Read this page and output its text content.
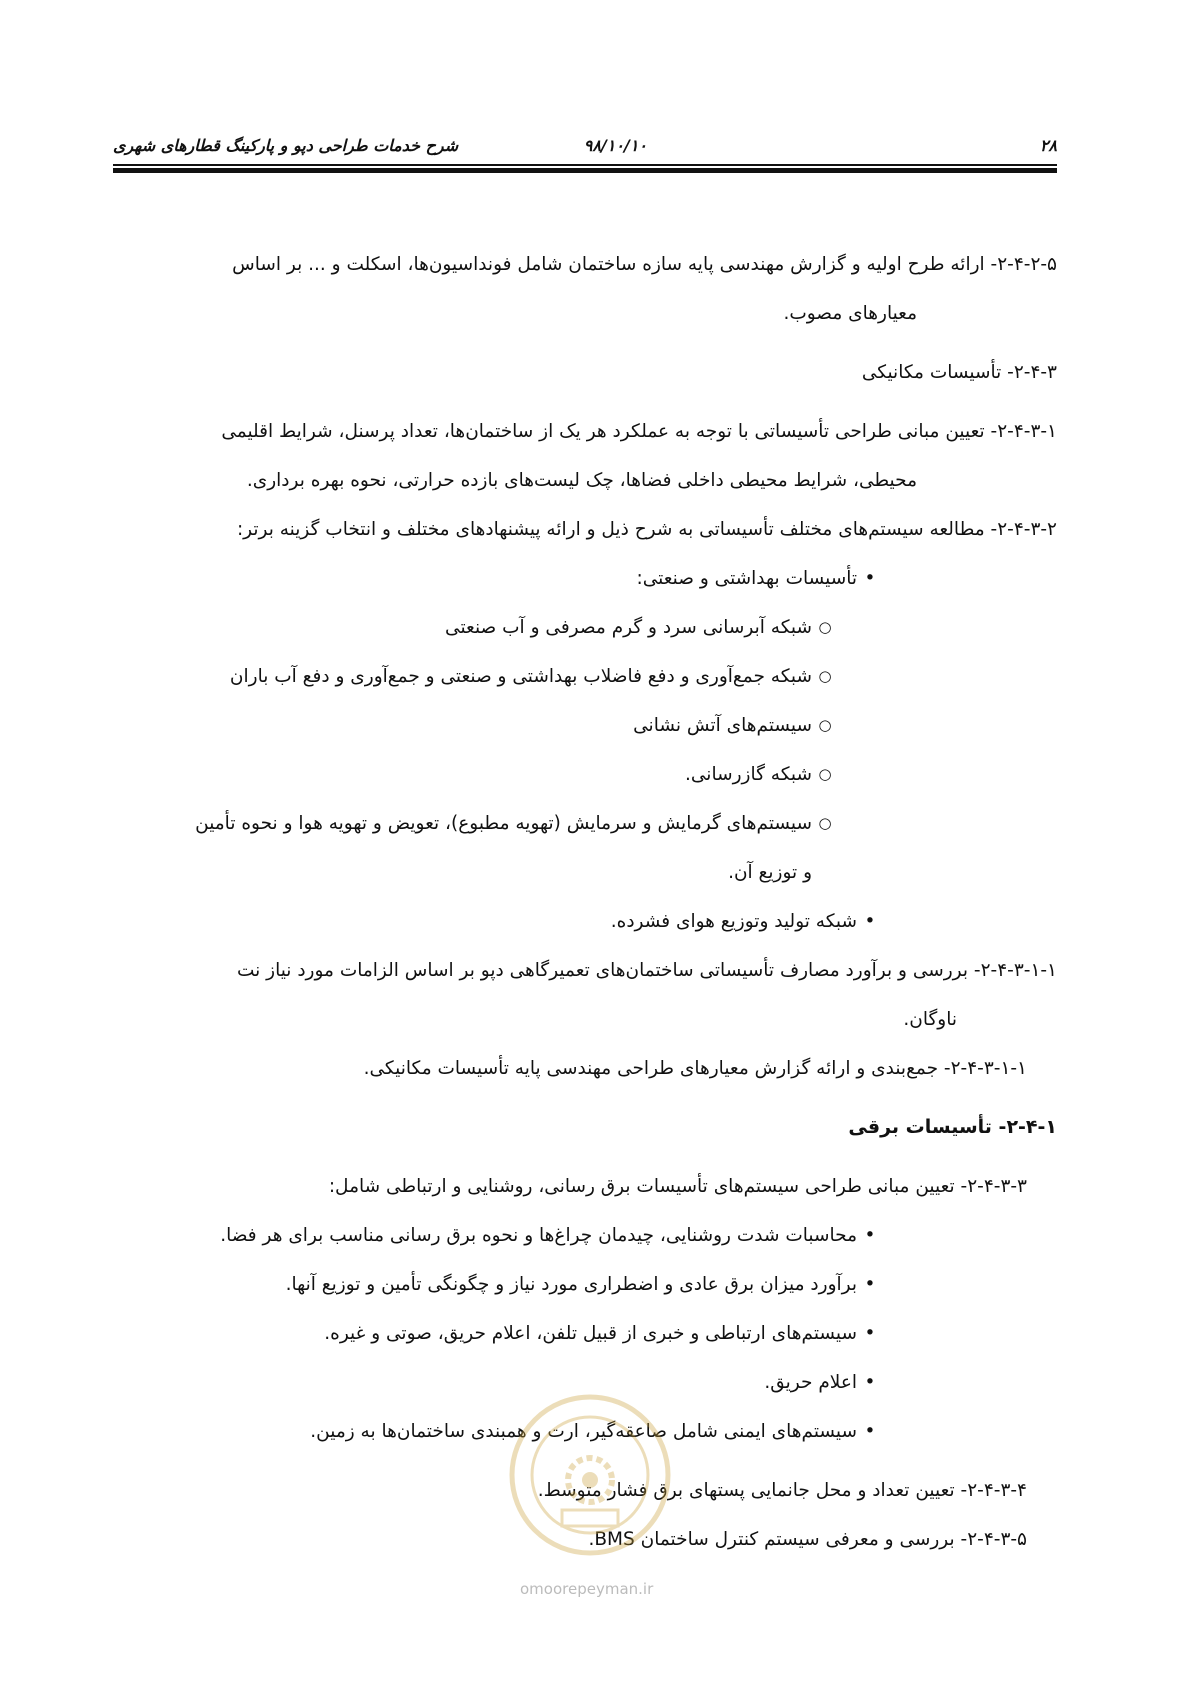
۲۸
۹۸/۱۰/۱۰
شرح خدمات طراحی دپو و پارکینگ قطارهای شهری

۲-۴-۲-۵- ارائه طرح اولیه و گزارش مهندسی پایه سازه ساختمان شامل فونداسیون‌ها، اسکلت و ... بر اساس

معیارهای مصوب.

۲-۴-۳- تأسیسات مکانیکی

۲-۴-۳-۱- تعیین مبانی طراحی تأسیساتی با توجه به عملکرد هر یک از ساختمان‌ها، تعداد پرسنل، شرایط اقلیمی

محیطی، شرایط محیطی داخلی فضاها، چک لیست‌های بازده حرارتی، نحوه بهره برداری.

۲-۴-۳-۲- مطالعه سیستم‌های مختلف تأسیساتی به شرح ذیل و ارائه پیشنهادهای مختلف و انتخاب گزینه برتر:

•
تأسیسات بهداشتی و صنعتی:
○
شبکه آبرسانی سرد و گرم مصرفی و آب صنعتی
○
شبکه جمع‌آوری و دفع فاضلاب بهداشتی و صنعتی و جمع‌آوری و دفع آب باران
○
سیستم‌های آتش نشانی
○
شبکه گازرسانی.
○
سیستم‌های گرمایش و سرمایش (تهویه مطبوع)، تعویض و تهویه هوا و نحوه تأمین
و توزیع آن.
•
شبکه تولید وتوزیع هوای فشرده.

۲-۴-۳-۱-۱- بررسی و برآورد مصارف تأسیساتی ساختمان‌های تعمیرگاهی دپو بر اساس الزامات مورد نیاز نت

ناوگان.

۲-۴-۳-۱-۱- جمع‌بندی و ارائه گزارش معیارهای طراحی مهندسی پایه تأسیسات مکانیکی.

۲-۴-۱- تأسیسات برقی

۲-۴-۳-۳- تعیین مبانی طراحی سیستم‌های تأسیسات برق رسانی، روشنایی و ارتباطی شامل:

•
محاسبات شدت روشنایی، چیدمان چراغ‌ها و نحوه برق رسانی مناسب برای هر فضا.
•
برآورد میزان برق عادی و اضطراری مورد نیاز و چگونگی تأمین و توزیع آنها.
•
سیستم‌های ارتباطی و خبری از قبیل تلفن، اعلام حریق، صوتی و غیره.
•
اعلام حریق.
•
سیستم‌های ایمنی شامل صاعقه‌گیر، ارت و همبندی ساختمان‌ها به زمین.

۲-۴-۳-۴- تعیین تعداد و محل جانمایی پستهای برق فشار متوسط.

۲-۴-۳-۵- بررسی و معرفی سیستم کنترل ساختمان BMS.

omoorepeyman.ir
